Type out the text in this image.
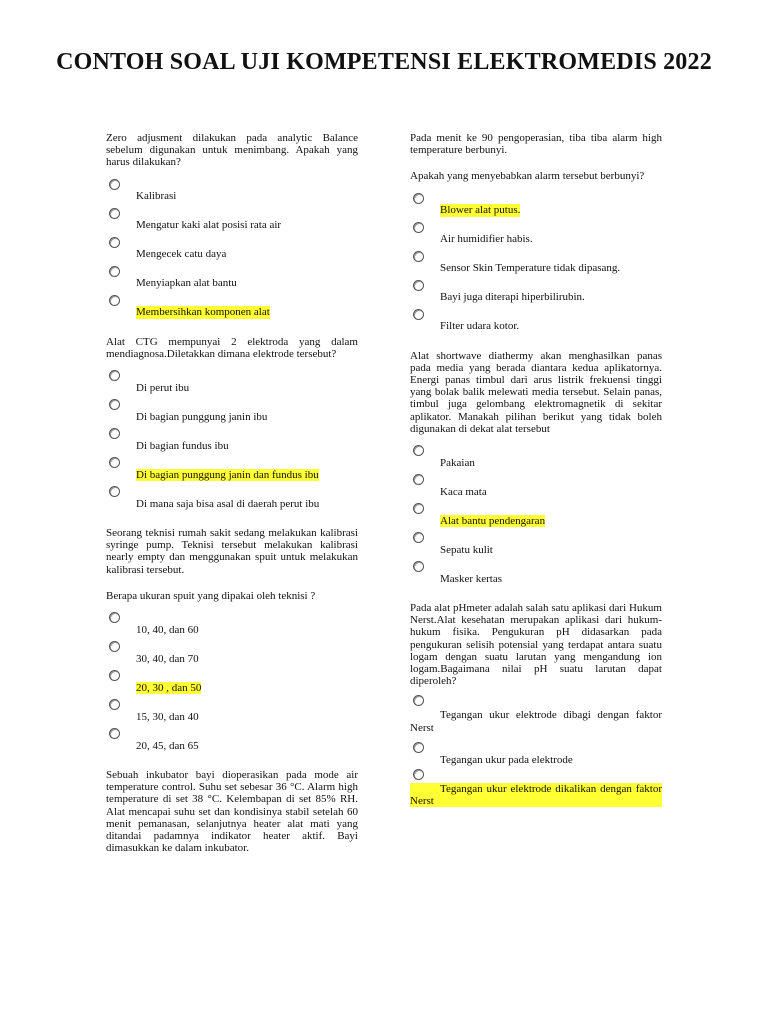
CONTOH SOAL UJI KOMPETENSI ELEKTROMEDIS 2022

Zero adjusment dilakukan pada analytic Balance sebelum digunakan untuk menimbang. Apakah yang harus dilakukan?

Kalibrasi
Mengatur kaki alat posisi rata air
Mengecek catu daya
Menyiapkan alat bantu
Membersihkan komponen alat

Alat CTG mempunyai 2 elektroda yang dalam mendiagnosa.Diletakkan dimana elektrode tersebut?

Di perut ibu
Di bagian punggung janin ibu
Di bagian fundus ibu
Di bagian punggung janin dan fundus ibu
Di mana saja bisa asal di daerah perut ibu

Seorang teknisi rumah sakit sedang melakukan kalibrasi syringe pump. Teknisi tersebut melakukan kalibrasi nearly empty dan menggunakan spuit untuk melakukan kalibrasi tersebut.

Berapa ukuran spuit yang dipakai oleh teknisi ?

10, 40, dan 60
30, 40, dan 70
20, 30 , dan 50
15, 30, dan 40
20, 45, dan 65

Sebuah inkubator bayi dioperasikan pada mode air temperature control. Suhu set sebesar 36 °C. Alarm high temperature di set 38 °C. Kelembapan di set 85% RH. Alat mencapai suhu set dan kondisinya stabil setelah 60 menit pemanasan, selanjutnya heater alat mati yang ditandai padamnya indikator heater aktif. Bayi dimasukkan ke dalam inkubator.

Pada menit ke 90 pengoperasian, tiba tiba alarm high temperature berbunyi.

Apakah yang menyebabkan alarm tersebut berbunyi?

Blower alat putus.
Air humidifier habis.
Sensor Skin Temperature tidak dipasang.
Bayi juga diterapi hiperbilirubin.
Filter udara kotor.

Alat shortwave diathermy akan menghasilkan panas pada media yang berada diantara kedua aplikatornya. Energi panas timbul dari arus listrik frekuensi tinggi yang bolak balik melewati media tersebut. Selain panas, timbul juga gelombang elektromagnetik di sekitar aplikator. Manakah pilihan berikut yang tidak boleh digunakan di dekat alat tersebut

Pakaian
Kaca mata
Alat bantu pendengaran
Sepatu kulit
Masker kertas

Pada alat pHmeter adalah salah satu aplikasi dari Hukum Nerst.Alat kesehatan merupakan aplikasi dari hukum-hukum fisika. Pengukuran pH didasarkan pada pengukuran selisih potensial yang terdapat antara suatu logam dengan suatu larutan yang mengandung ion logam.Bagaimana nilai pH suatu larutan dapat diperoleh?

Tegangan ukur elektrode dibagi dengan faktor Nerst
Tegangan ukur pada elektrode
Tegangan ukur elektrode dikalikan dengan faktor Nerst
